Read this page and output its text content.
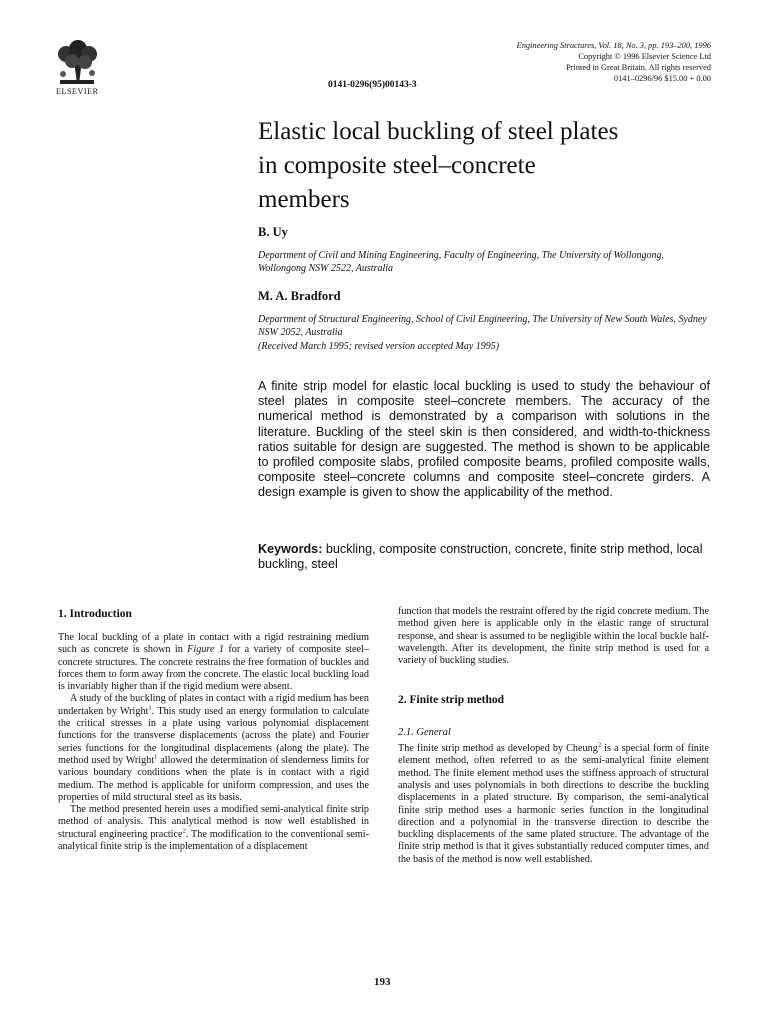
ELSEVIER
0141-0296(95)00143-3
Engineering Structures, Vol. 18, No. 3, pp. 193–200, 1996
Copyright © 1996 Elsevier Science Ltd
Printed in Great Britain. All rights reserved
0141–0296/96 $15.00 + 0.00
Elastic local buckling of steel plates
in composite steel–concrete
members
B. Uy
Department of Civil and Mining Engineering, Faculty of Engineering, The University of Wollongong, Wollongong NSW 2522, Australia
M. A. Bradford
Department of Structural Engineering, School of Civil Engineering, The University of New South Wales, Sydney NSW 2052, Australia
(Received March 1995; revised version accepted May 1995)

A finite strip model for elastic local buckling is used to study the behaviour of steel plates in composite steel–concrete members. The accuracy of the numerical method is demonstrated by a comparison with solutions in the literature. Buckling of the steel skin is then considered, and width-to-thickness ratios suitable for design are suggested. The method is shown to be applicable to profiled composite slabs, profiled composite beams, profiled composite walls, composite steel–concrete columns and composite steel–concrete girders. A design example is given to show the applicability of the method.

Keywords: buckling, composite construction, concrete, finite strip method, local buckling, steel

1. Introduction

The local buckling of a plate in contact with a rigid restraining medium such as concrete is shown in Figure 1 for a variety of composite steel–concrete structures. The concrete restrains the free formation of buckles and forces them to form away from the concrete. The elastic local buckling load is invariably higher than if the rigid medium were absent.

A study of the buckling of plates in contact with a rigid medium has been undertaken by Wright$^1$. This study used an energy formulation to calculate the critical stresses in a plate using various polynomial displacement functions for the transverse displacements (across the plate) and Fourier series functions for the longitudinal displacements (along the plate). The method used by Wright$^1$ allowed the determination of slenderness limits for various boundary conditions when the plate is in contact with a rigid medium. The method is applicable for uniform compression, and uses the properties of mild structural steel as its basis.

The method presented herein uses a modified semi-analytical finite strip method of analysis. This analytical method is now well established in structural engineering practice$^2$. The modification to the conventional semi-analytical finite strip is the implementation of a displacement

function that models the restraint offered by the rigid concrete medium. The method given here is applicable only in the elastic range of structural response, and shear is assumed to be negligible within the local buckle half-wavelength. After its development, the finite strip method is used for a variety of buckling studies.

2. Finite strip method
2.1. General

The finite strip method as developed by Cheung$^2$ is a special form of finite element method, often referred to as the semi-analytical finite element method. The finite element method uses the stiffness approach of structural analysis and uses polynomials in both directions to describe the buckling displacements in a plated structure. By comparison, the semi-analytical finite strip method uses a harmonic series function in the longitudinal direction and a polynomial in the transverse direction to describe the buckling displacements of the same plated structure. The advantage of the finite strip method is that it gives substantially reduced computer times, and the basis of the method is now well established.

193
